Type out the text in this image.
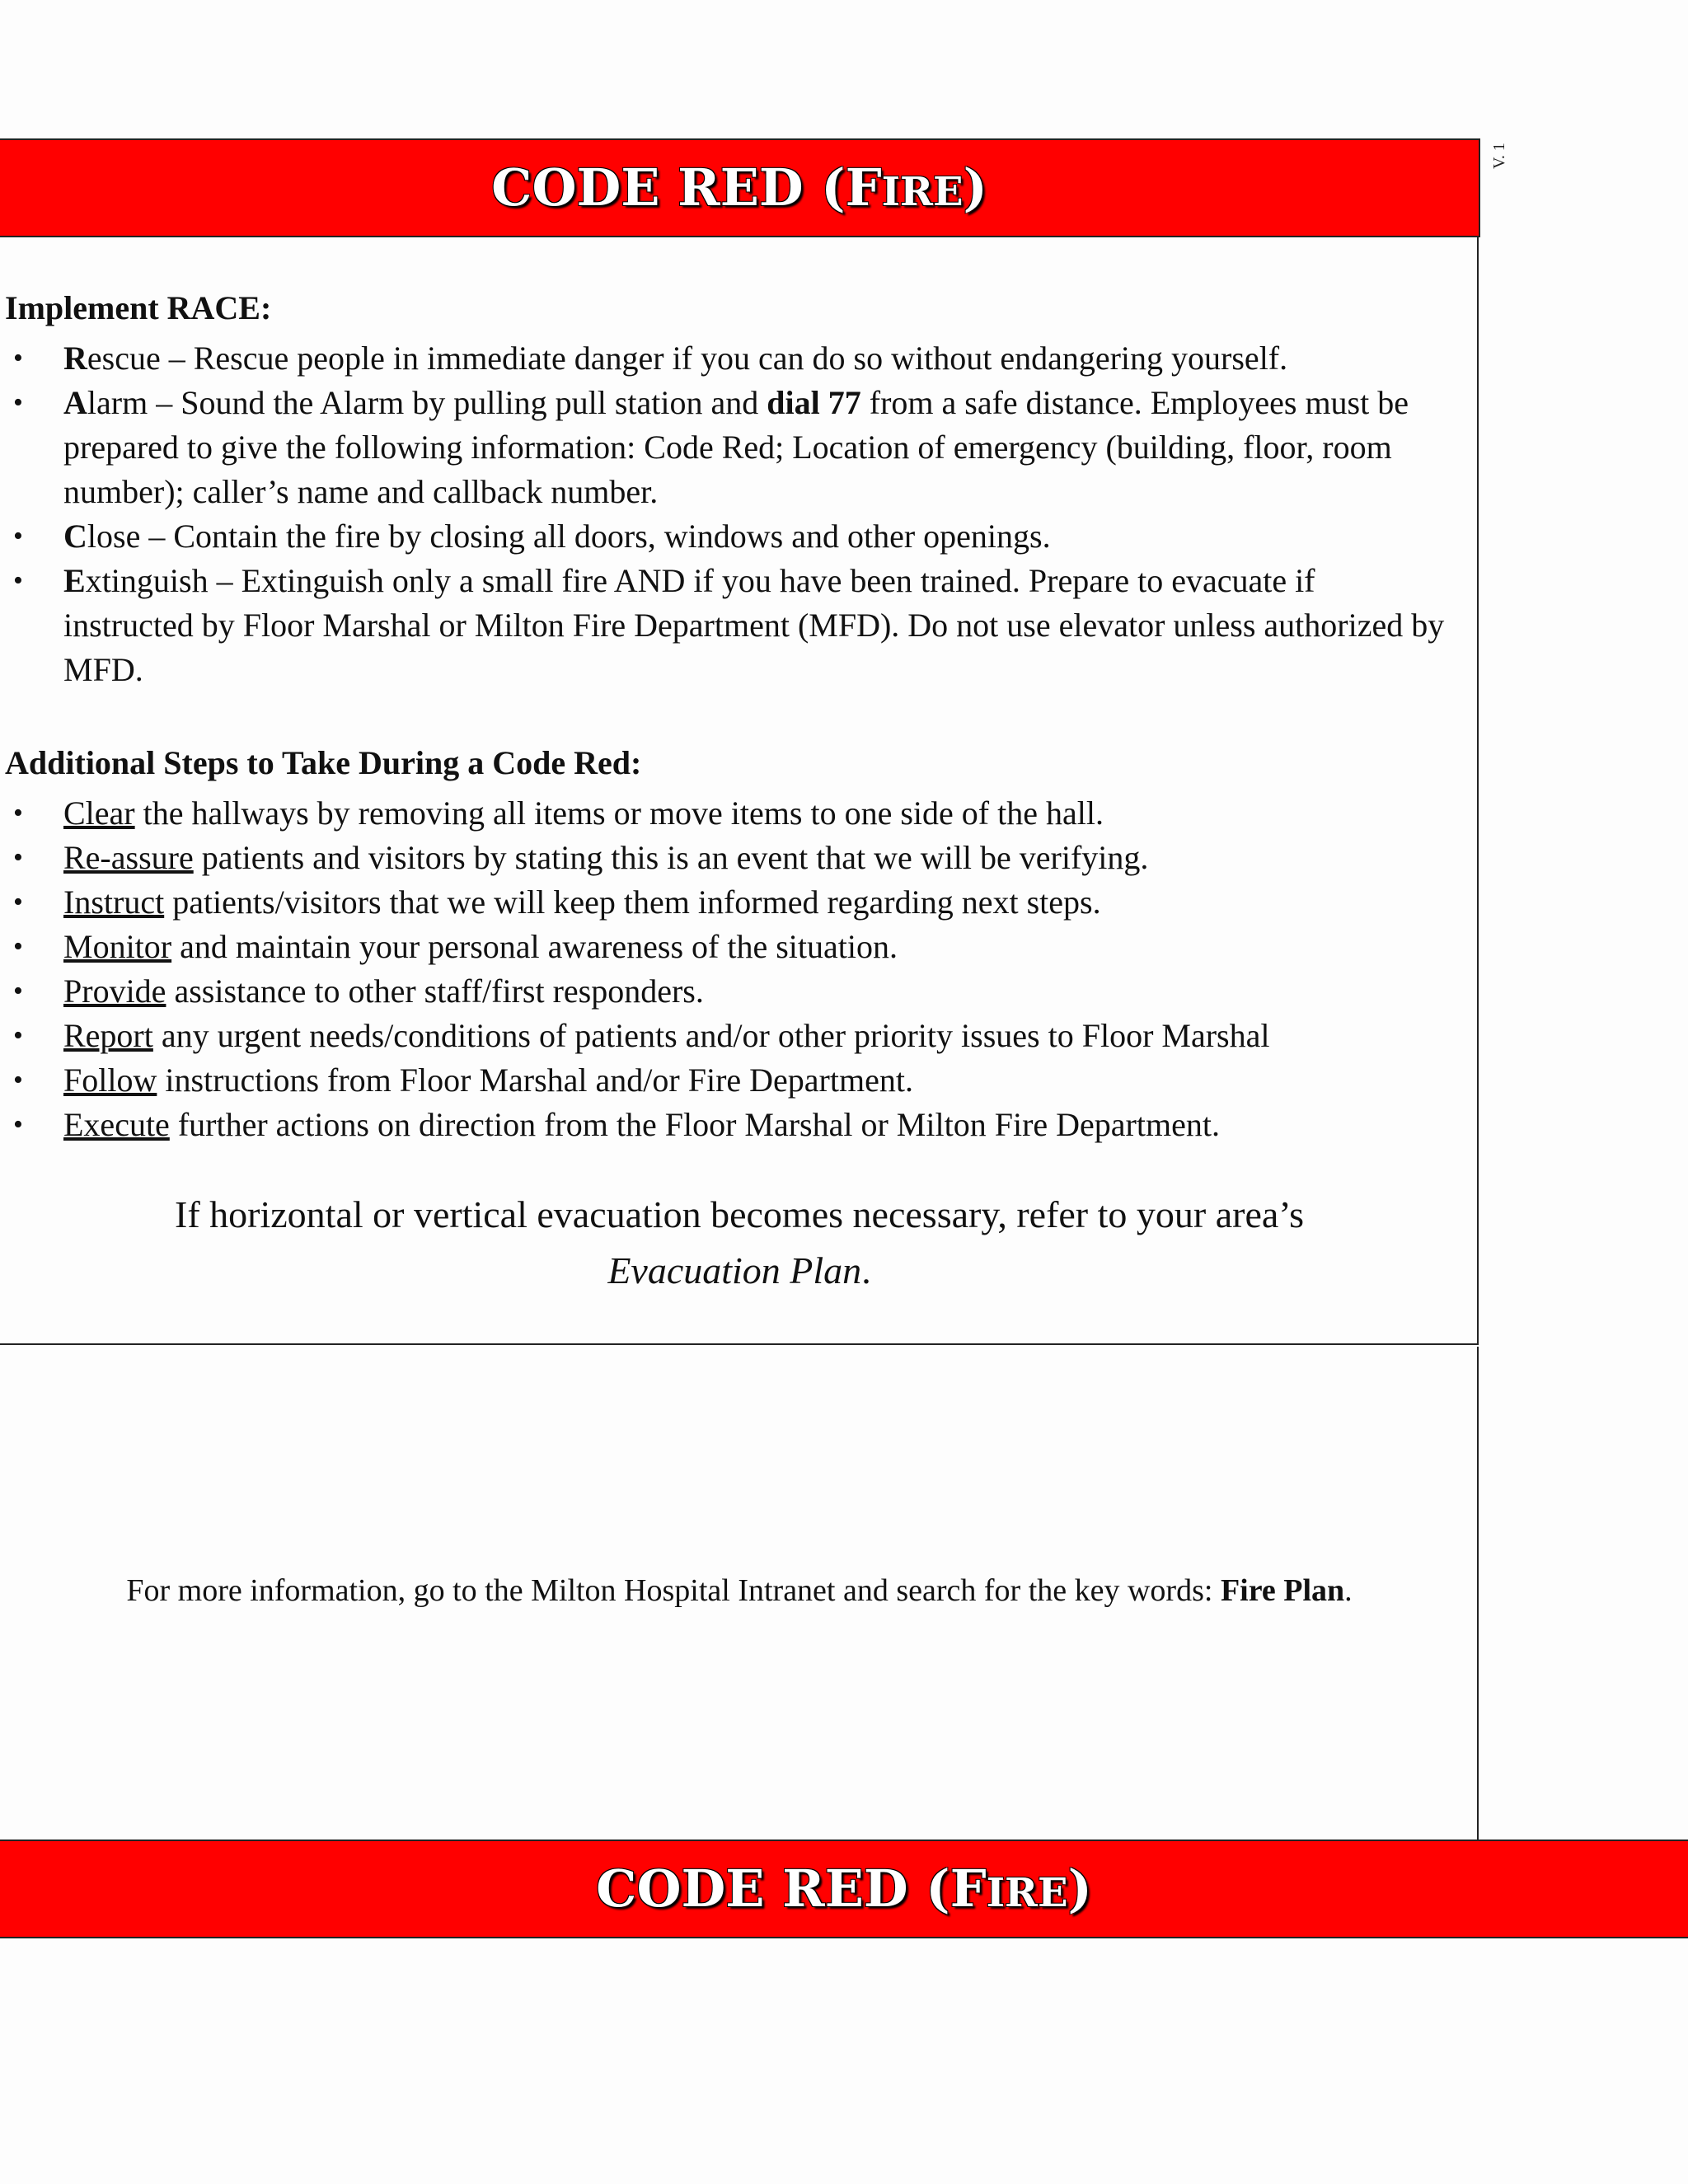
CODE RED (FIRE)
V. 1
Implement RACE:
• Rescue – Rescue people in immediate danger if you can do so without endangering yourself.
• Alarm – Sound the Alarm by pulling pull station and dial 77 from a safe distance. Employees must be prepared to give the following information: Code Red; Location of emergency (building, floor, room number); caller’s name and callback number.
• Close – Contain the fire by closing all doors, windows and other openings.
• Extinguish – Extinguish only a small fire AND if you have been trained. Prepare to evacuate if instructed by Floor Marshal or Milton Fire Department (MFD). Do not use elevator unless authorized by MFD.
Additional Steps to Take During a Code Red:
• Clear the hallways by removing all items or move items to one side of the hall.
• Re-assure patients and visitors by stating this is an event that we will be verifying.
• Instruct patients/visitors that we will keep them informed regarding next steps.
• Monitor and maintain your personal awareness of the situation.
• Provide assistance to other staff/first responders.
• Report any urgent needs/conditions of patients and/or other priority issues to Floor Marshal
• Follow instructions from Floor Marshal and/or Fire Department.
• Execute further actions on direction from the Floor Marshal or Milton Fire Department.
If horizontal or vertical evacuation becomes necessary, refer to your area’s
Evacuation Plan.
For more information, go to the Milton Hospital Intranet and search for the key words: Fire Plan.
CODE RED (FIRE)
